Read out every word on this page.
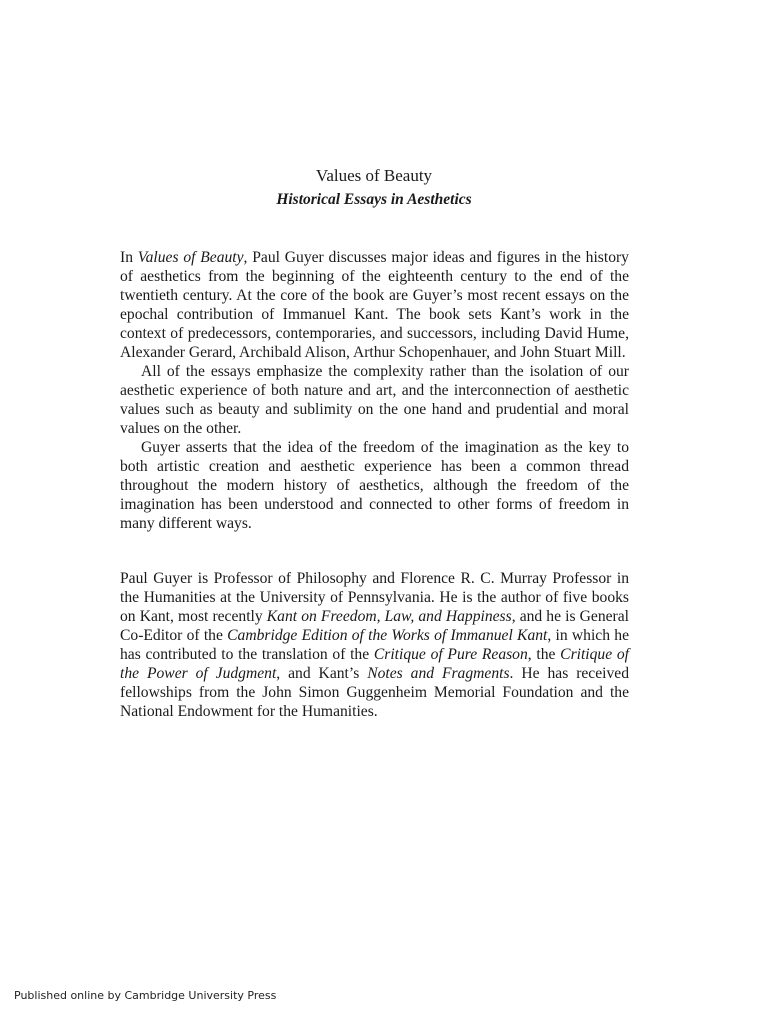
Values of Beauty
Historical Essays in Aesthetics

In Values of Beauty, Paul Guyer discusses major ideas and figures in the history of aesthetics from the beginning of the eighteenth century to the end of the twentieth century. At the core of the book are Guyer’s most recent essays on the epochal contribution of Immanuel Kant. The book sets Kant’s work in the context of predecessors, contemporaries, and successors, including David Hume, Alexander Gerard, Archibald Alison, Arthur Schopenhauer, and John Stuart Mill.

All of the essays emphasize the complexity rather than the isolation of our aesthetic experience of both nature and art, and the interconnection of aesthetic values such as beauty and sublimity on the one hand and prudential and moral values on the other.

Guyer asserts that the idea of the freedom of the imagination as the key to both artistic creation and aesthetic experience has been a common thread throughout the modern history of aesthetics, although the freedom of the imagination has been understood and connected to other forms of freedom in many different ways.

Paul Guyer is Professor of Philosophy and Florence R. C. Murray Professor in the Humanities at the University of Pennsylvania. He is the author of five books on Kant, most recently Kant on Freedom, Law, and Happiness, and he is General Co-Editor of the Cambridge Edition of the Works of Immanuel Kant, in which he has contributed to the translation of the Critique of Pure Reason, the Critique of the Power of Judgment, and Kant’s Notes and Fragments. He has received fellowships from the John Simon Guggenheim Memorial Foundation and the National Endowment for the Humanities.

Published online by Cambridge University Press
